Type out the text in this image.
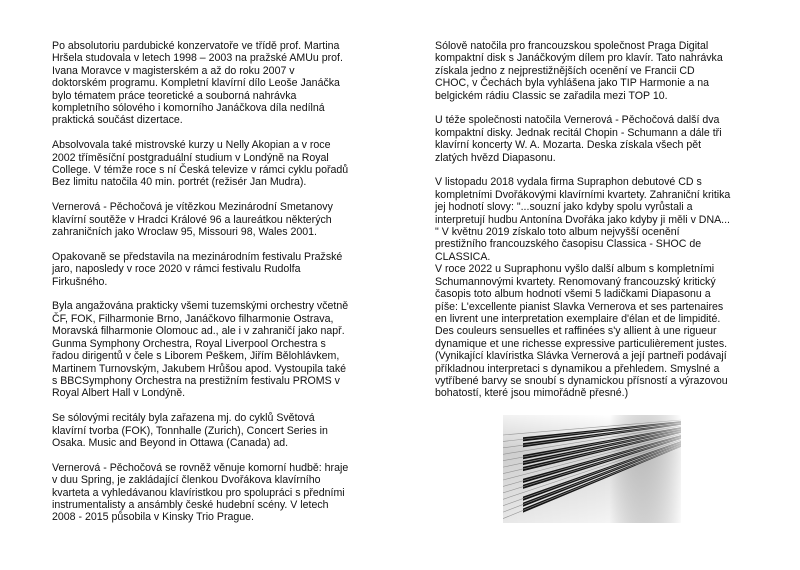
Po absolutoriu pardubické konzervatoře ve třídě prof. Martina
Hršela studovala v letech 1998 – 2003 na pražské AMUu prof.
Ivana Moravce v magisterském a až do roku 2007 v
doktorském programu. Kompletní klavírní dílo Leoše Janáčka
bylo tématem práce teoretické a souborná nahrávka
kompletního sólového i komorního Janáčkova díla nedílná
praktická součást dizertace.

Absolvovala také mistrovské kurzy u Nelly Akopian a v roce
2002 tříměsíční postgraduální studium v Londýně na Royal
College. V témže roce s ní Česká televize v rámci cyklu pořadů
Bez limitu natočila 40 min. portrét (režisér Jan Mudra).

Vernerová - Pěchočová je vítězkou Mezinárodní Smetanovy
klavírní soutěže v Hradci Králové 96 a laureátkou některých
zahraničních jako Wroclaw 95, Missouri 98, Wales 2001.

Opakovaně se představila na mezinárodním festivalu Pražské
jaro, naposledy v roce 2020 v rámci festivalu Rudolfa
Firkušného.

Byla angažována prakticky všemi tuzemskými orchestry včetně
ČF, FOK, Filharmonie Brno, Janáčkovo filharmonie Ostrava,
Moravská filharmonie Olomouc ad., ale i v zahraničí jako např.
Gunma Symphony Orchestra, Royal Liverpool Orchestra s
řadou dirigentů v čele s Liborem Peškem, Jiřím Bělohlávkem,
Martinem Turnovským, Jakubem Hrůšou apod. Vystoupila také
s BBCSymphony Orchestra na prestižním festivalu PROMS v
Royal Albert Hall v Londýně.

Se sólovými recitály byla zařazena mj. do cyklů Světová
klavírní tvorba (FOK), Tonnhalle (Zurich), Concert Series in
Osaka. Music and Beyond in Ottawa (Canada) ad.

Vernerová - Pěchočová se rovněž věnuje komorní hudbě: hraje
v duu Spring, je zakládající členkou Dvořákova klavírního
kvarteta a vyhledávanou klavíristkou pro spolupráci s předními
instrumentalisty a ansámbly české hudební scény. V letech
2008 - 2015 působila v Kinsky Trio Prague.

Sólově natočila pro francouzskou společnost Praga Digital
kompaktní disk s Janáčkovým dílem pro klavír. Tato nahrávka
získala jedno z nejprestižnějších ocenění ve Francii CD
CHOC, v Čechách byla vyhlášena jako TIP Harmonie a na
belgickém rádiu Classic se zařadila mezi TOP 10.

U téže společnosti natočila Vernerová - Pěchočová další dva
kompaktní disky. Jednak recitál Chopin - Schumann a dále tři
klavírní koncerty W. A. Mozarta. Deska získala všech pět
zlatých hvězd Diapasonu.

V listopadu 2018 vydala firma Supraphon debutové CD s
kompletními Dvořákovými klavírními kvartety. Zahraniční kritika
jej hodnotí slovy: "...souzní jako kdyby spolu vyrůstali a
interpretují hudbu Antonína Dvořáka jako kdyby ji měli v DNA...
" V květnu 2019 získalo toto album nejvyšší ocenění
prestižního francouzského časopisu Classica - SHOC de
CLASSICA.
V roce 2022 u Supraphonu vyšlo další album s kompletními
Schumannovými kvartety. Renomovaný francouzský kritický
časopis toto album hodnotí všemi 5 ladičkami Diapasonu a
píše: L'excellente pianist Slavka Vernerova et ses partenaires
en livrent une interpretation exemplaire d'élan et de limpidité.
Des couleurs sensuelles et raffinées s'y allient à une rigueur
dynamique et une richesse expressive particulièrement justes.
(Vynikající klavíristka Slávka Vernerová a její partneři podávají
příkladnou interpretaci s dynamikou a přehledem. Smyslné a
vytříbené barvy se snoubí s dynamickou přísností a výrazovou
bohatostí, které jsou mimořádně přesné.)
